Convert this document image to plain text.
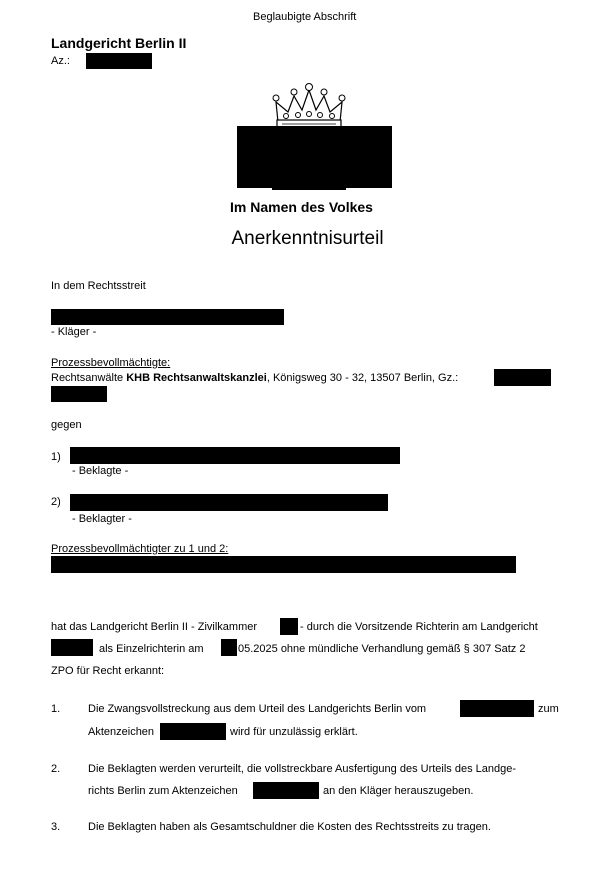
Beglaubigte Abschrift
Landgericht Berlin II
Az.:
Im Namen des Volkes
Anerkenntnisurteil
In dem Rechtsstreit
- Kläger -
Prozessbevollmächtigte:
Rechtsanwälte KHB Rechtsanwaltskanzlei, Königsweg 30 - 32, 13507 Berlin, Gz.:
gegen
1)
- Beklagte -
2)
- Beklagter -
Prozessbevollmächtigter zu 1 und 2:
hat das Landgericht Berlin II - Zivilkammer	- durch die Vorsitzende Richterin am Landgericht
als Einzelrichterin am	05.2025 ohne mündliche Verhandlung gemäß § 307 Satz 2
ZPO für Recht erkannt:
1.	Die Zwangsvollstreckung aus dem Urteil des Landgerichts Berlin vom	zum
Aktenzeichen	wird für unzulässig erklärt.
2.	Die Beklagten werden verurteilt, die vollstreckbare Ausfertigung des Urteils des Landge-
richts Berlin zum Aktenzeichen	an den Kläger herauszugeben.
3.	Die Beklagten haben als Gesamtschuldner die Kosten des Rechtsstreits zu tragen.
